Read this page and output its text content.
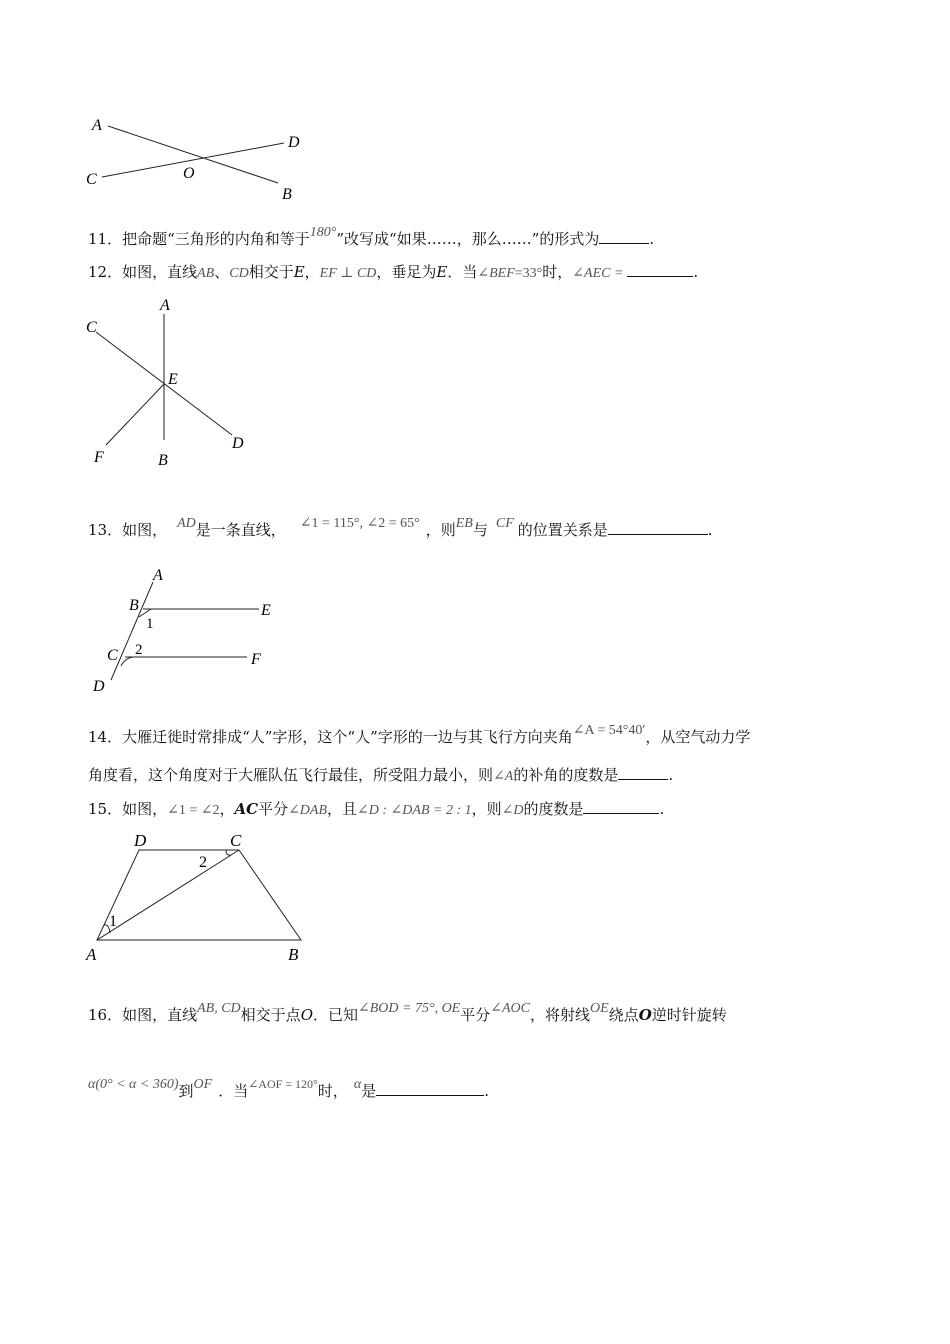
A
D
C	O
B
11．把命题“三角形的内角和等于180°”改写成“如果……，那么……”的形式为	.
12．如图，直线AB、CD相交于E，EF ⊥ CD，垂足为E．当∠BEF=33°时，∠AEC =	.
A
C
E
D
F	B
13．如图， AD是一条直线， ∠1 = 115°, ∠2 = 65° ，则EB与 CF 的位置关系是	.
A
B	E
1
C 2
F
D
14．大雁迁徙时常排成“人”字形，这个“人”字形的一边与其飞行方向夹角∠A = 54°40′，从空气动力学
角度看，这个角度对于大雁队伍飞行最佳，所受阻力最小，则∠A的补角的度数是	.
15．如图，∠1 = ∠2，AC平分∠DAB，且∠D : ∠DAB = 2 : 1，则∠D的度数是	.
D	C
2
1
A	B
16．如图，直线AB, CD相交于点O．已知∠BOD = 75°, OE平分∠AOC，将射线OE绕点O逆时针旋转
α(0° < α < 360)到OF ．当$^{\angle AOF = 120^\circ}$时， α是	.
